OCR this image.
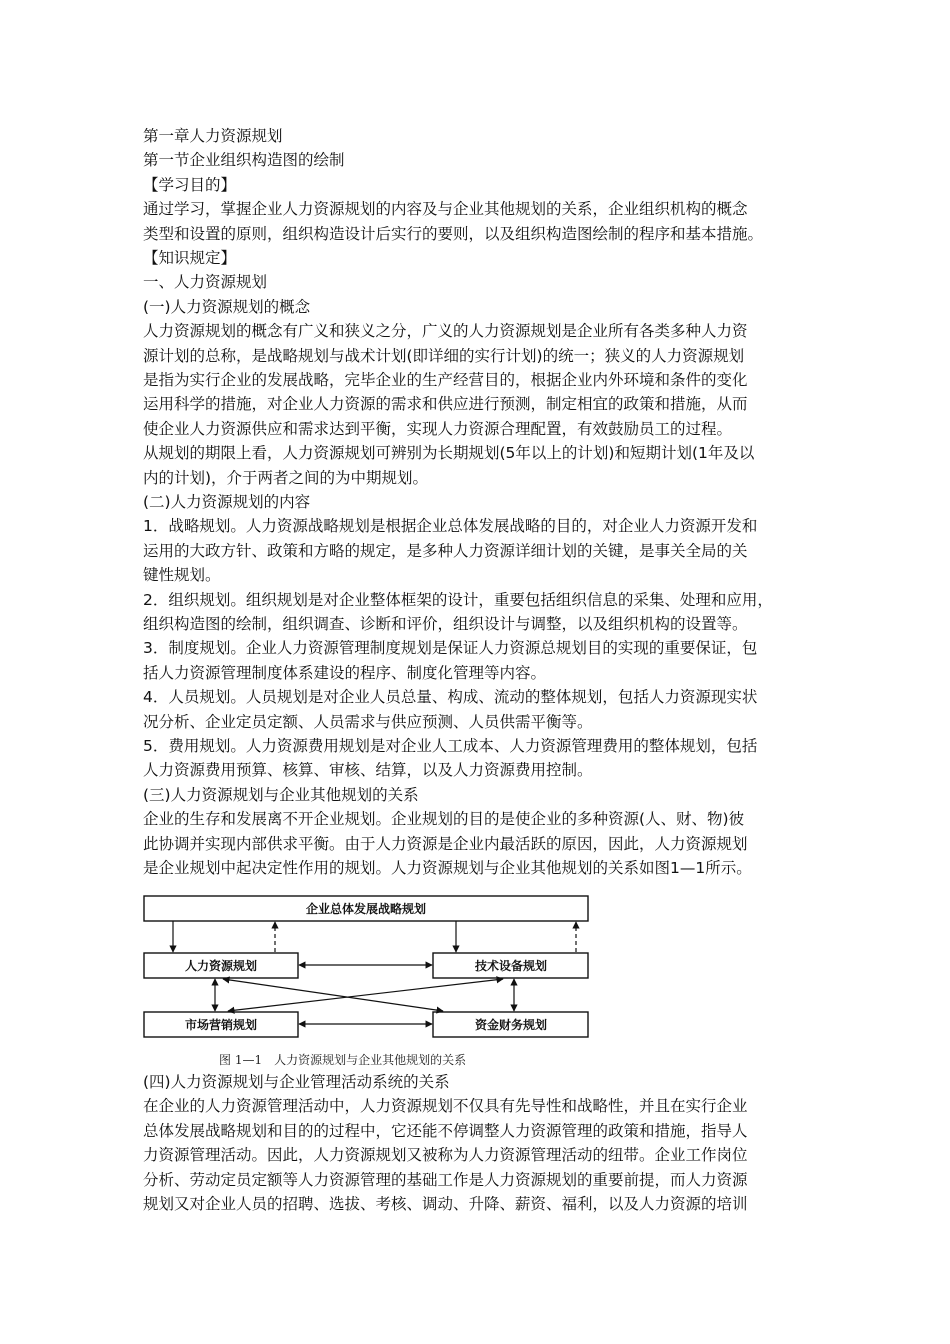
第一章人力资源规划
第一节企业组织构造图的绘制
【学习目的】
通过学习，掌握企业人力资源规划的内容及与企业其他规划的关系，企业组织机构的概念
类型和设置的原则，组织构造设计后实行的要则，以及组织构造图绘制的程序和基本措施。
【知识规定】
一、人力资源规划
(一)人力资源规划的概念
人力资源规划的概念有广义和狭义之分，广义的人力资源规划是企业所有各类多种人力资
源计划的总称，是战略规划与战术计划(即详细的实行计划)的统一；狭义的人力资源规划
是指为实行企业的发展战略，完毕企业的生产经营目的，根据企业内外环境和条件的变化
运用科学的措施，对企业人力资源的需求和供应进行预测，制定相宜的政策和措施，从而
使企业人力资源供应和需求达到平衡，实现人力资源合理配置，有效鼓励员工的过程。
从规划的期限上看，人力资源规划可辨别为长期规划(5年以上的计划)和短期计划(1年及以
内的计划)，介于两者之间的为中期规划。
(二)人力资源规划的内容
1．战略规划。人力资源战略规划是根据企业总体发展战略的目的，对企业人力资源开发和
运用的大政方针、政策和方略的规定，是多种人力资源详细计划的关键，是事关全局的关
键性规划。
2．组织规划。组织规划是对企业整体框架的设计，重要包括组织信息的采集、处理和应用，
组织构造图的绘制，组织调查、诊断和评价，组织设计与调整，以及组织机构的设置等。
3．制度规划。企业人力资源管理制度规划是保证人力资源总规划目的实现的重要保证，包
括人力资源管理制度体系建设的程序、制度化管理等内容。
4．人员规划。人员规划是对企业人员总量、构成、流动的整体规划，包括人力资源现实状
况分析、企业定员定额、人员需求与供应预测、人员供需平衡等。
5．费用规划。人力资源费用规划是对企业人工成本、人力资源管理费用的整体规划，包括
人力资源费用预算、核算、审核、结算，以及人力资源费用控制。
(三)人力资源规划与企业其他规划的关系
企业的生存和发展离不开企业规划。企业规划的目的是使企业的多种资源(人、财、物)彼
此协调并实现内部供求平衡。由于人力资源是企业内最活跃的原因，因此，人力资源规划
是企业规划中起决定性作用的规划。人力资源规划与企业其他规划的关系如图1—1所示。
企业总体发展战略规划
人力资源规划	技术设备规划
市场营销规划	资金财务规划
图 1—1　人力资源规划与企业其他规划的关系
(四)人力资源规划与企业管理活动系统的关系
在企业的人力资源管理活动中，人力资源规划不仅具有先导性和战略性，并且在实行企业
总体发展战略规划和目的的过程中，它还能不停调整人力资源管理的政策和措施，指导人
力资源管理活动。因此，人力资源规划又被称为人力资源管理活动的纽带。企业工作岗位
分析、劳动定员定额等人力资源管理的基础工作是人力资源规划的重要前提，而人力资源
规划又对企业人员的招聘、选拔、考核、调动、升降、薪资、福利，以及人力资源的培训
